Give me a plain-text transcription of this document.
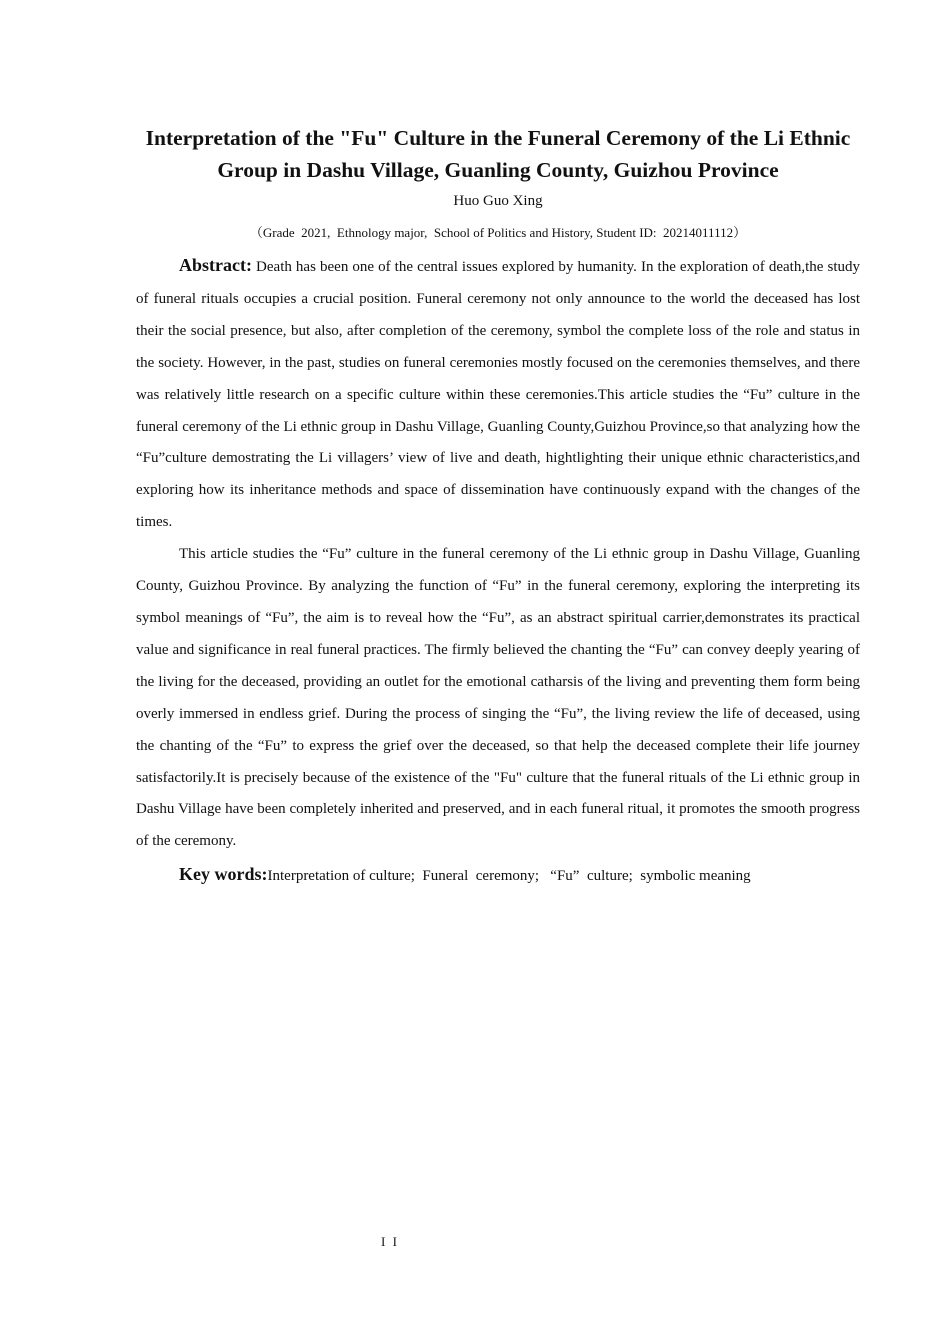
Interpretation of the "Fu" Culture in the Funeral Ceremony of the Li Ethnic Group in Dashu Village, Guanling County, Guizhou Province

Huo Guo Xing

（Grade  2021,  Ethnology major,  School of Politics and History, Student ID:  20214011112）

Abstract: Death has been one of the central issues explored by humanity. In the exploration of death,the study of funeral rituals occupies a crucial position. Funeral ceremony not only announce to the world the deceased has lost their the social presence, but also, after completion of the ceremony, symbol the complete loss of the role and status in the society. However, in the past, studies on funeral ceremonies mostly focused on the ceremonies themselves, and there was relatively little research on a specific culture within these ceremonies.This article studies the “Fu” culture in the funeral ceremony of the Li ethnic group in Dashu Village, Guanling County,Guizhou Province,so that analyzing how the “Fu”culture demostrating the Li villagers’ view of live and death, hightlighting their unique ethnic characteristics,and exploring how its inheritance methods and space of dissemination have continuously expand with the changes of the times.

This article studies the “Fu” culture in the funeral ceremony of the Li ethnic group in Dashu Village, Guanling County, Guizhou Province. By analyzing the function of “Fu” in the funeral ceremony, exploring the interpreting its symbol meanings of “Fu”, the aim is to reveal how the “Fu”, as an abstract spiritual carrier,demonstrates its practical value and significance in real funeral practices. The firmly believed the chanting the “Fu” can convey deeply yearing of the living for the deceased, providing an outlet for the emotional catharsis of the living and preventing them form being overly immersed in endless grief. During the process of singing the “Fu”, the living review the life of deceased, using the chanting of the “Fu” to express the grief over the deceased, so that help the deceased complete their life journey satisfactorily.It is precisely because of the existence of the "Fu" culture that the funeral rituals of the Li ethnic group in Dashu Village have been completely inherited and preserved, and in each funeral ritual, it promotes the smooth progress of the ceremony.

Key words:Interpretation of culture;  Funeral  ceremony;   “Fu”  culture;  symbolic meaning

I I
